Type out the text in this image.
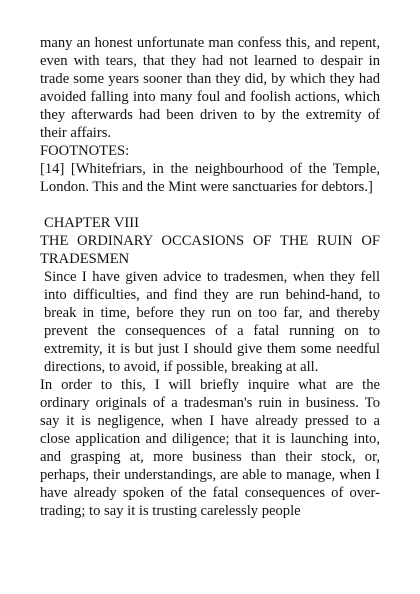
many an honest unfortunate man confess this, and repent, even with tears, that they had not learned to despair in trade some years sooner than they did, by which they had avoided falling into many foul and foolish actions, which they afterwards had been driven to by the extremity of their affairs.

FOOTNOTES:

[14] [Whitefriars, in the neighbourhood of the Temple, London. This and the Mint were sanctuaries for debtors.]

CHAPTER VIII

THE ORDINARY OCCASIONS OF THE RUIN OF TRADESMEN

Since I have given advice to tradesmen, when they fell into difficulties, and find they are run behind-hand, to break in time, before they run on too far, and thereby prevent the consequences of a fatal running on to extremity, it is but just I should give them some needful directions, to avoid, if possible, breaking at all.

In order to this, I will briefly inquire what are the ordinary originals of a tradesman's ruin in business. To say it is negligence, when I have already pressed to a close application and diligence; that it is launching into, and grasping at, more business than their stock, or, perhaps, their understandings, are able to manage, when I have already spoken of the fatal consequences of over-trading; to say it is trusting carelessly people
